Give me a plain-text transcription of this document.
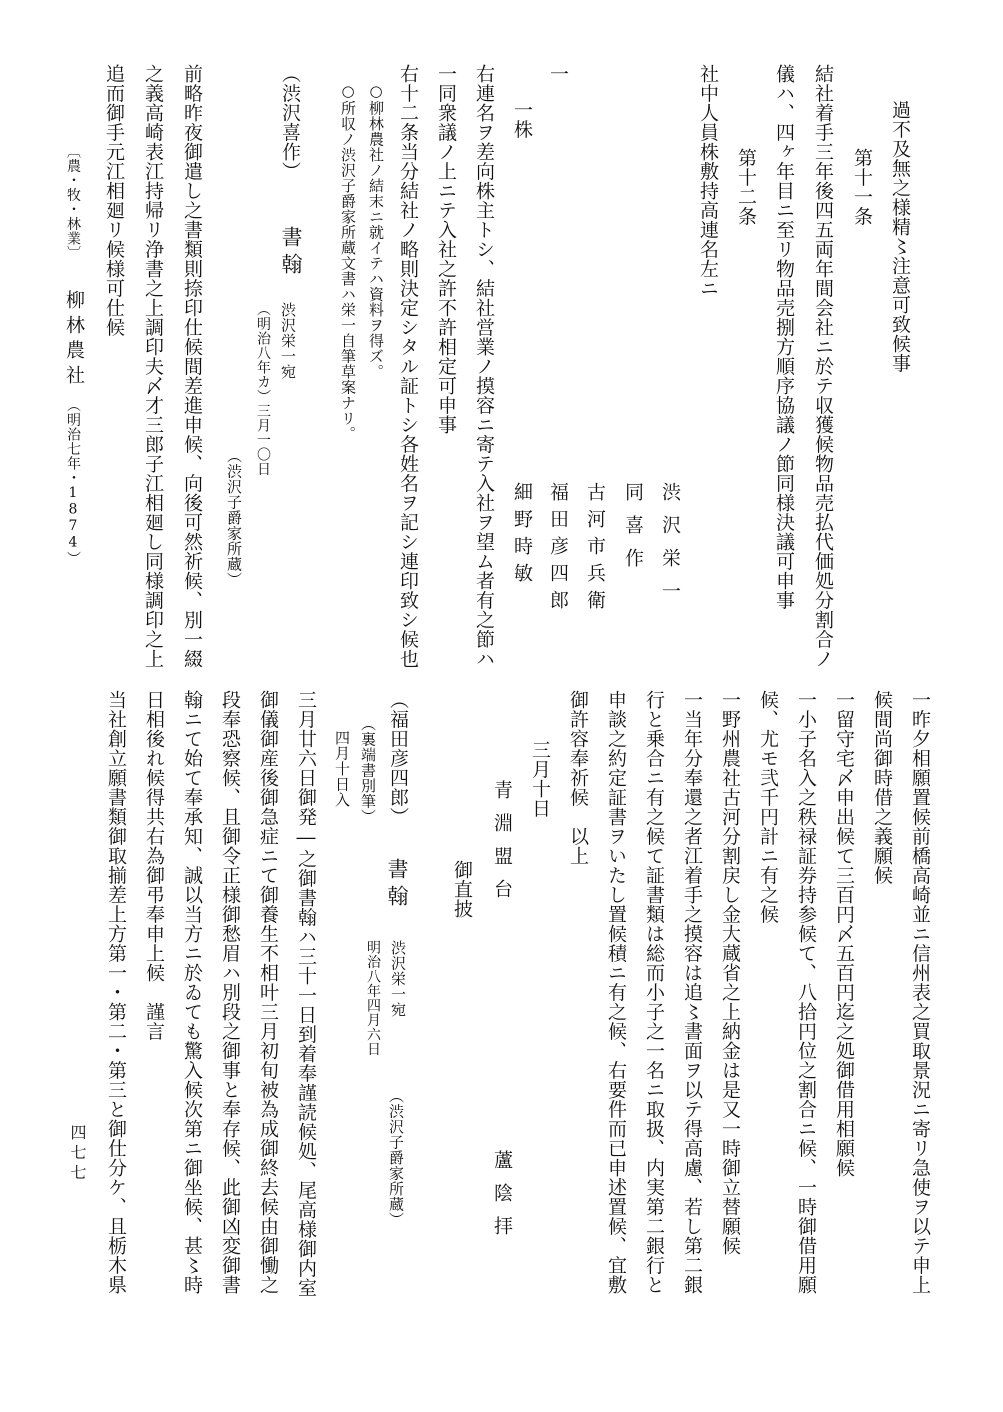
過不及無之様精〻注意可致候事
第十一条
結社着手三年後四五両年間会社ニ於テ収獲候物品売払代価処分割合ノ
儀ハ、四ヶ年目ニ至リ物品売捌方順序協議ノ節同様決議可申事
第十二条
社中人員株敷持高連名左ニ
渋沢栄一
同喜作
古河市兵衛
福田彦四郎
細野時敏
一
一株
右連名ヲ差向株主トシ、結社営業ノ摸容ニ寄テ入社ヲ望ム者有之節ハ
一同衆議ノ上ニテ入社之許不許相定可申事
右十二条当分結社ノ略則決定シタル証トシ各姓名ヲ記シ連印致シ候也
○柳林農社ノ結末ニ就イテハ資料ヲ得ズ。
○所収ノ渋沢子爵家所蔵文書ハ栄一自筆草案ナリ。
（渋沢喜作）
書翰
渋沢栄一宛
（明治八年カ）三月一〇日
（渋沢子爵家所蔵）
前略昨夜御遣し之書類則捺印仕候間差進申候、向後可然祈候、別一綴
之義高崎表江持帰リ浄書之上調印夫〆才三郎子江相廻し同様調印之上
追而御手元江相廻リ候様可仕候
〔農・牧・林業〕
柳林農社
（明治七年・1874）
一昨夕相願置候前橋高崎並ニ信州表之買取景況ニ寄リ急使ヲ以テ申上
候間尚御時借之義願候
一留守宅〆申出候て三百円〆五百円迄之処御借用相願候
一小子名入之秩禄証券持参候て、八拾円位之割合ニ候、一時御借用願
候、尤モ弐千円計ニ有之候
一野州農社古河分割戻し金大蔵省之上納金は是又一時御立替願候
一当年分奉還之者江着手之摸容は追〻書面ヲ以テ得高慮、若し第二銀
行と乗合ニ有之候て証書類は総而小子之一名ニ取扱、内実第二銀行と
申談之約定証書ヲいたし置候積ニ有之候、右要件而已申述置候、宜敷
御許容奉祈候　以上
三月十日
蘆陰拝
青淵盟台
御直披
（福田彦四郎）
書翰
渋沢栄一宛
明治八年四月六日
（渋沢子爵家所蔵）
（裏端書別筆）
四月十日入
三月廿六日御発―之御書翰ハ三十一日到着奉謹読候処、尾高様御内室
御儀御産後御急症ニて御養生不相叶三月初旬被為成御終去候由御慟之
段奉恐察候、且御令正様御愁眉ハ別段之御事と奉存候、此御凶変御書
翰ニて始て奉承知、誠以当方ニ於ゐても驚入候次第ニ御坐候、甚〻時
日相後れ候得共右為御弔奉申上候　謹言
当社創立願書類御取揃差上方第一・第二・第三と御仕分ケ、且栃木県
四七七
